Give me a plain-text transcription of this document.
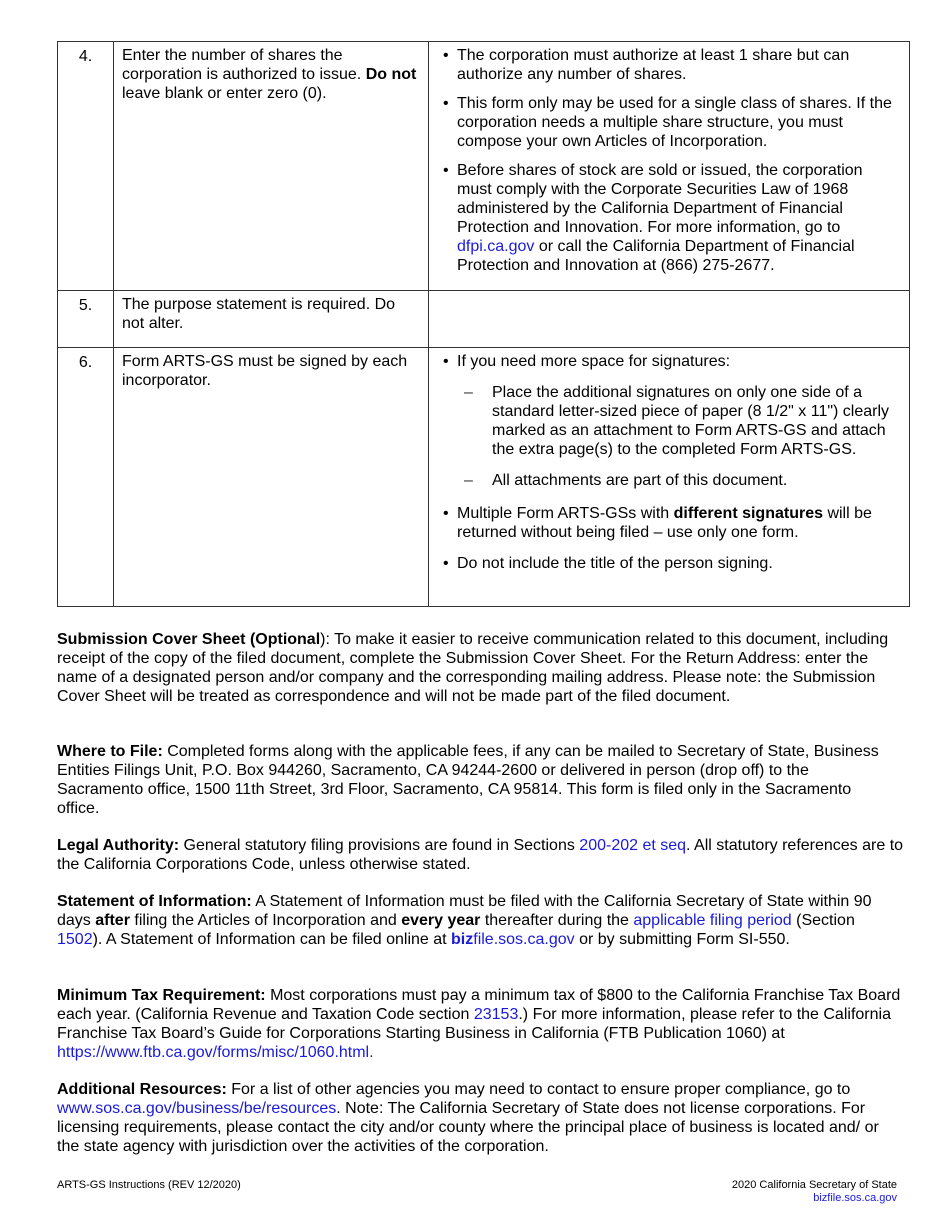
4.	Enter the number of shares the corporation is authorized to issue. Do not leave blank or enter zero (0).	• The corporation must authorize at least 1 share but can authorize any number of shares.
• This form only may be used for a single class of shares. If the corporation needs a multiple share structure, you must compose your own Articles of Incorporation.
• Before shares of stock are sold or issued, the corporation must comply with the Corporate Securities Law of 1968 administered by the California Department of Financial Protection and Innovation. For more information, go to dfpi.ca.gov or call the California Department of Financial Protection and Innovation at (866) 275-2677.

5.	The purpose statement is required. Do not alter.	

6.	Form ARTS-GS must be signed by each incorporator.	• If you need more space for signatures:
– Place the additional signatures on only one side of a standard letter-sized piece of paper (8 1/2" x 11") clearly marked as an attachment to Form ARTS-GS and attach the extra page(s) to the completed Form ARTS-GS.
– All attachments are part of this document.
• Multiple Form ARTS-GSs with different signatures will be returned without being filed – use only one form.
• Do not include the title of the person signing.
Submission Cover Sheet (Optional): To make it easier to receive communication related to this document, including receipt of the copy of the filed document, complete the Submission Cover Sheet. For the Return Address: enter the name of a designated person and/or company and the corresponding mailing address. Please note: the Submission Cover Sheet will be treated as correspondence and will not be made part of the filed document.
Where to File: Completed forms along with the applicable fees, if any can be mailed to Secretary of State, Business Entities Filings Unit, P.O. Box 944260, Sacramento, CA 94244-2600 or delivered in person (drop off) to the Sacramento office, 1500 11th Street, 3rd Floor, Sacramento, CA 95814. This form is filed only in the Sacramento office.
Legal Authority: General statutory filing provisions are found in Sections 200-202 et seq. All statutory references are to the California Corporations Code, unless otherwise stated.
Statement of Information: A Statement of Information must be filed with the California Secretary of State within 90 days after filing the Articles of Incorporation and every year thereafter during the applicable filing period (Section 1502). A Statement of Information can be filed online at bizfile.sos.ca.gov or by submitting Form SI-550.
Minimum Tax Requirement: Most corporations must pay a minimum tax of $800 to the California Franchise Tax Board each year. (California Revenue and Taxation Code section 23153.) For more information, please refer to the California Franchise Tax Board’s Guide for Corporations Starting Business in California (FTB Publication 1060) at https://www.ftb.ca.gov/forms/misc/1060.html.
Additional Resources: For a list of other agencies you may need to contact to ensure proper compliance, go to www.sos.ca.gov/business/be/resources. Note: The California Secretary of State does not license corporations. For licensing requirements, please contact the city and/or county where the principal place of business is located and/ or the state agency with jurisdiction over the activities of the corporation.
ARTS-GS Instructions (REV 12/2020)	2020 California Secretary of State
bizfile.sos.ca.gov
